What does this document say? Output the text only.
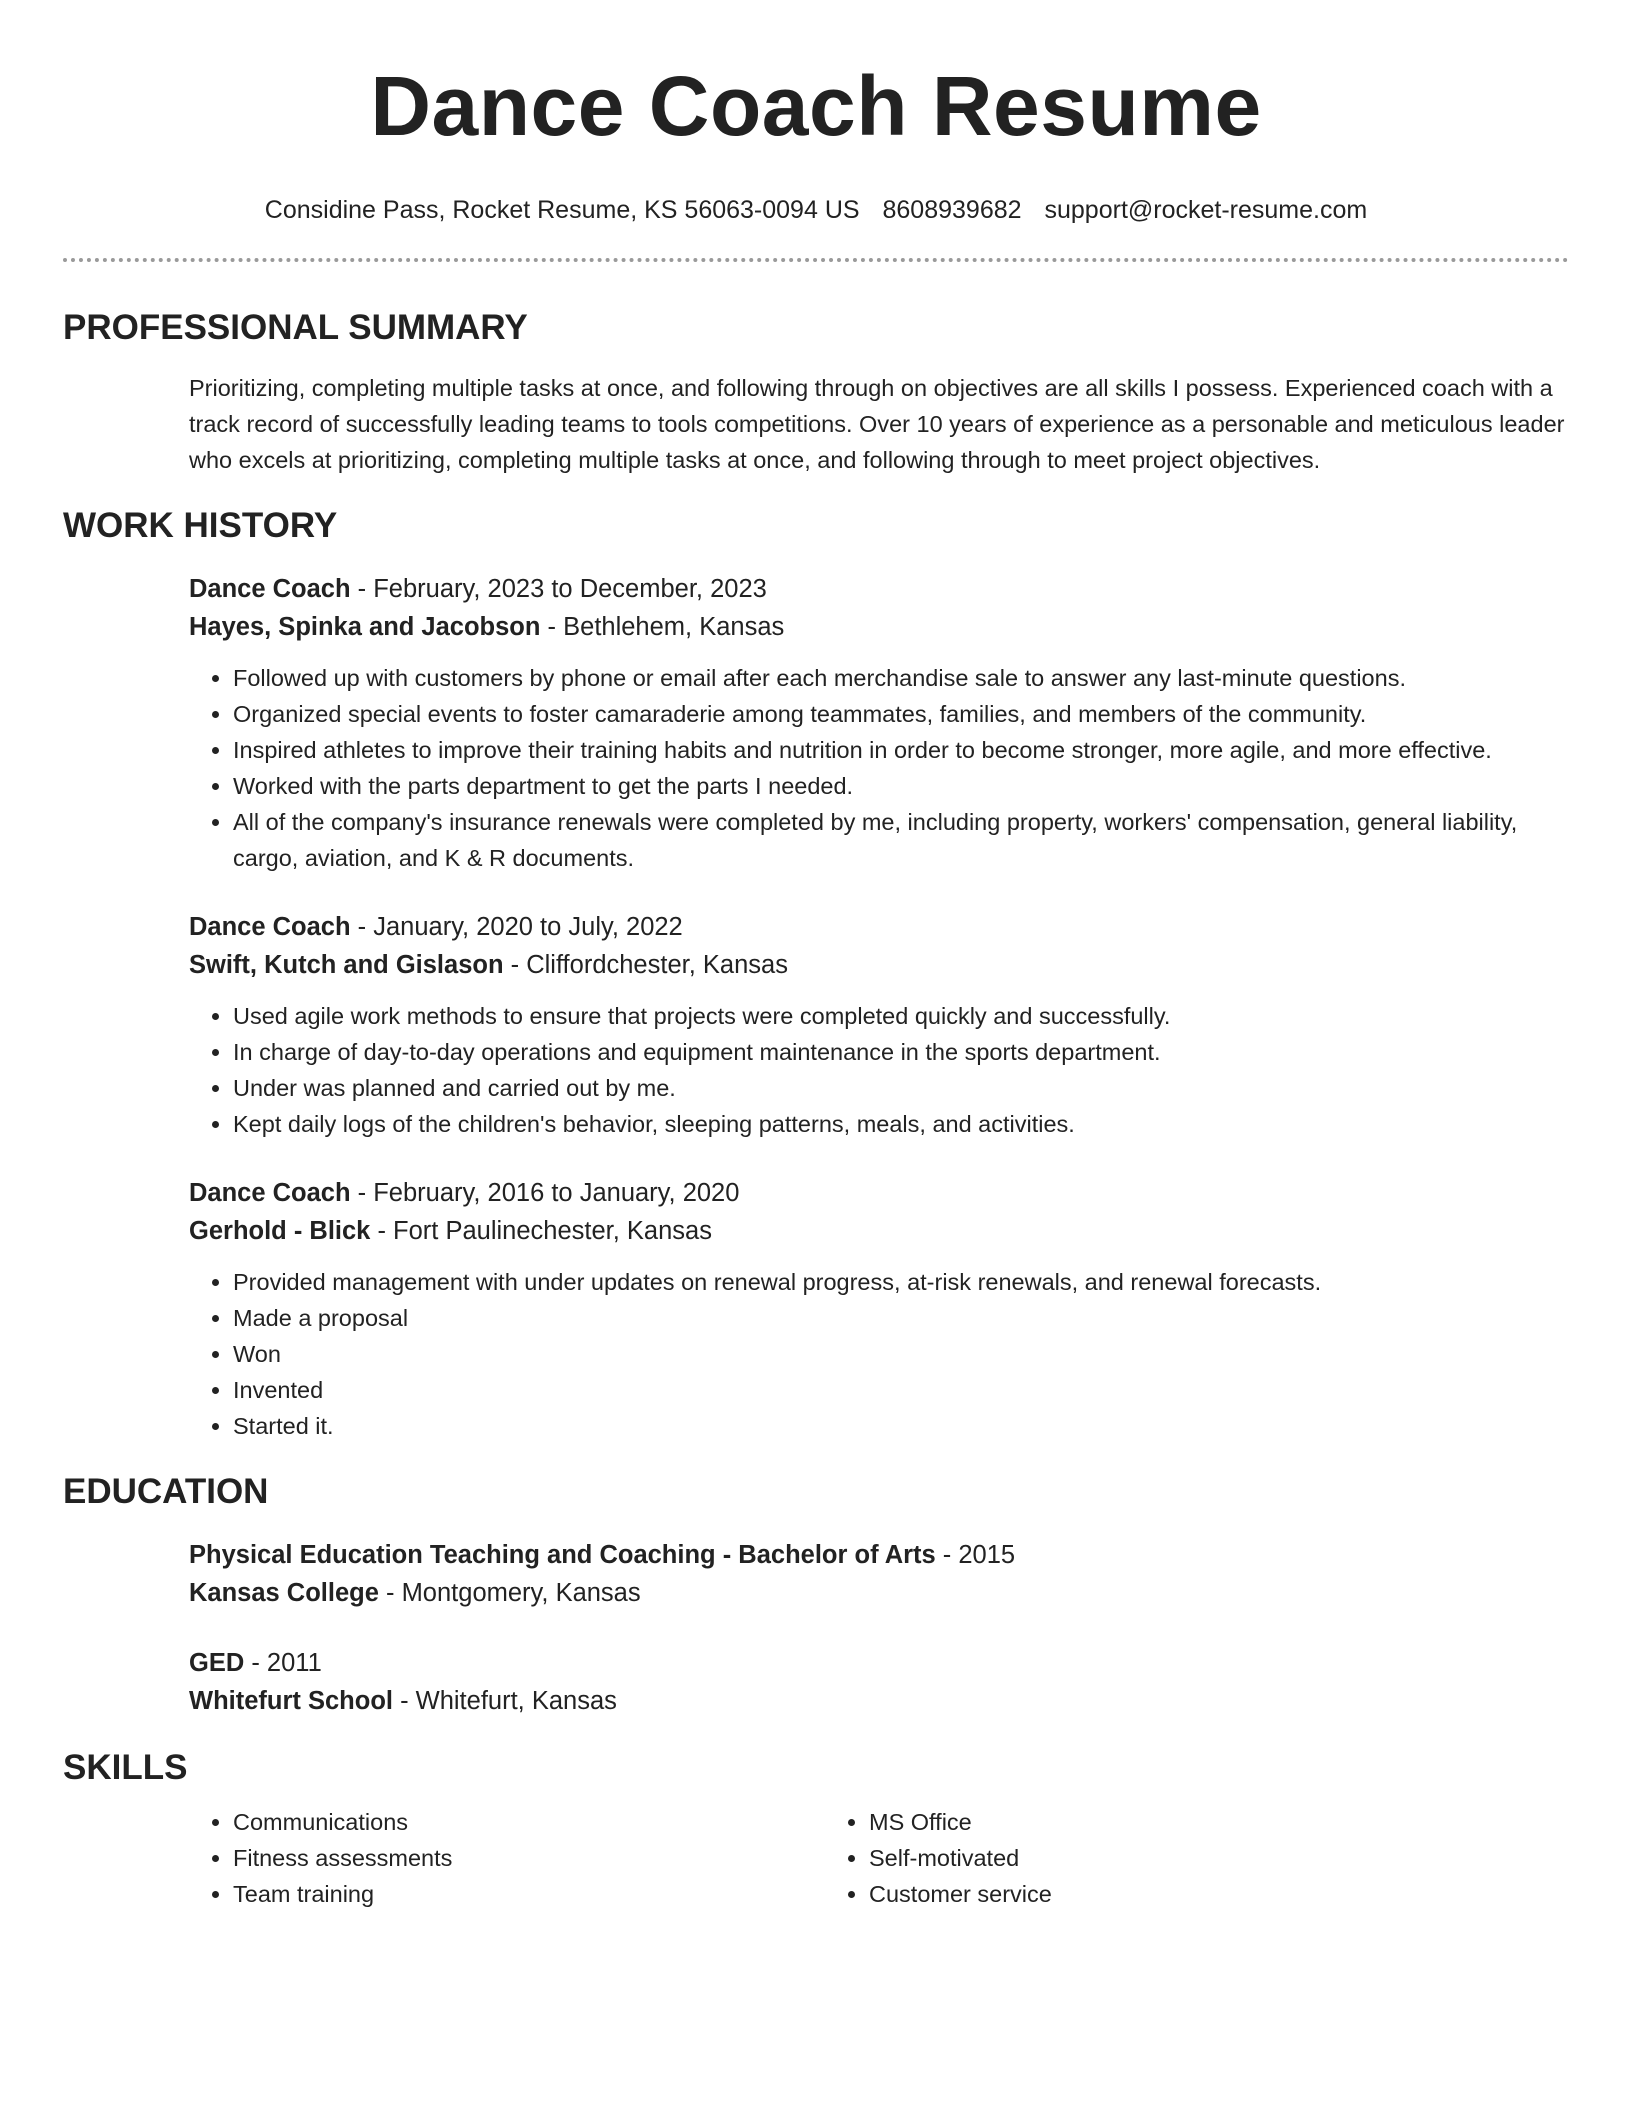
Dance Coach Resume
Considine Pass, Rocket Resume, KS 56063-0094 US 8608939682 support@rocket-resume.com
PROFESSIONAL SUMMARY
Prioritizing, completing multiple tasks at once, and following through on objectives are all skills I possess. Experienced coach with a track record of successfully leading teams to tools competitions. Over 10 years of experience as a personable and meticulous leader who excels at prioritizing, completing multiple tasks at once, and following through to meet project objectives.
WORK HISTORY
Dance Coach - February, 2023 to December, 2023
Hayes, Spinka and Jacobson - Bethlehem, Kansas
• Followed up with customers by phone or email after each merchandise sale to answer any last-minute questions.
• Organized special events to foster camaraderie among teammates, families, and members of the community.
• Inspired athletes to improve their training habits and nutrition in order to become stronger, more agile, and more effective.
• Worked with the parts department to get the parts I needed.
• All of the company's insurance renewals were completed by me, including property, workers' compensation, general liability, cargo, aviation, and K & R documents.
Dance Coach - January, 2020 to July, 2022
Swift, Kutch and Gislason - Cliffordchester, Kansas
• Used agile work methods to ensure that projects were completed quickly and successfully.
• In charge of day-to-day operations and equipment maintenance in the sports department.
• Under was planned and carried out by me.
• Kept daily logs of the children's behavior, sleeping patterns, meals, and activities.
Dance Coach - February, 2016 to January, 2020
Gerhold - Blick - Fort Paulinechester, Kansas
• Provided management with under updates on renewal progress, at-risk renewals, and renewal forecasts.
• Made a proposal
• Won
• Invented
• Started it.
EDUCATION
Physical Education Teaching and Coaching - Bachelor of Arts - 2015
Kansas College - Montgomery, Kansas
GED - 2011
Whitefurt School - Whitefurt, Kansas
SKILLS
• Communications
• Fitness assessments
• Team training
• MS Office
• Self-motivated
• Customer service
